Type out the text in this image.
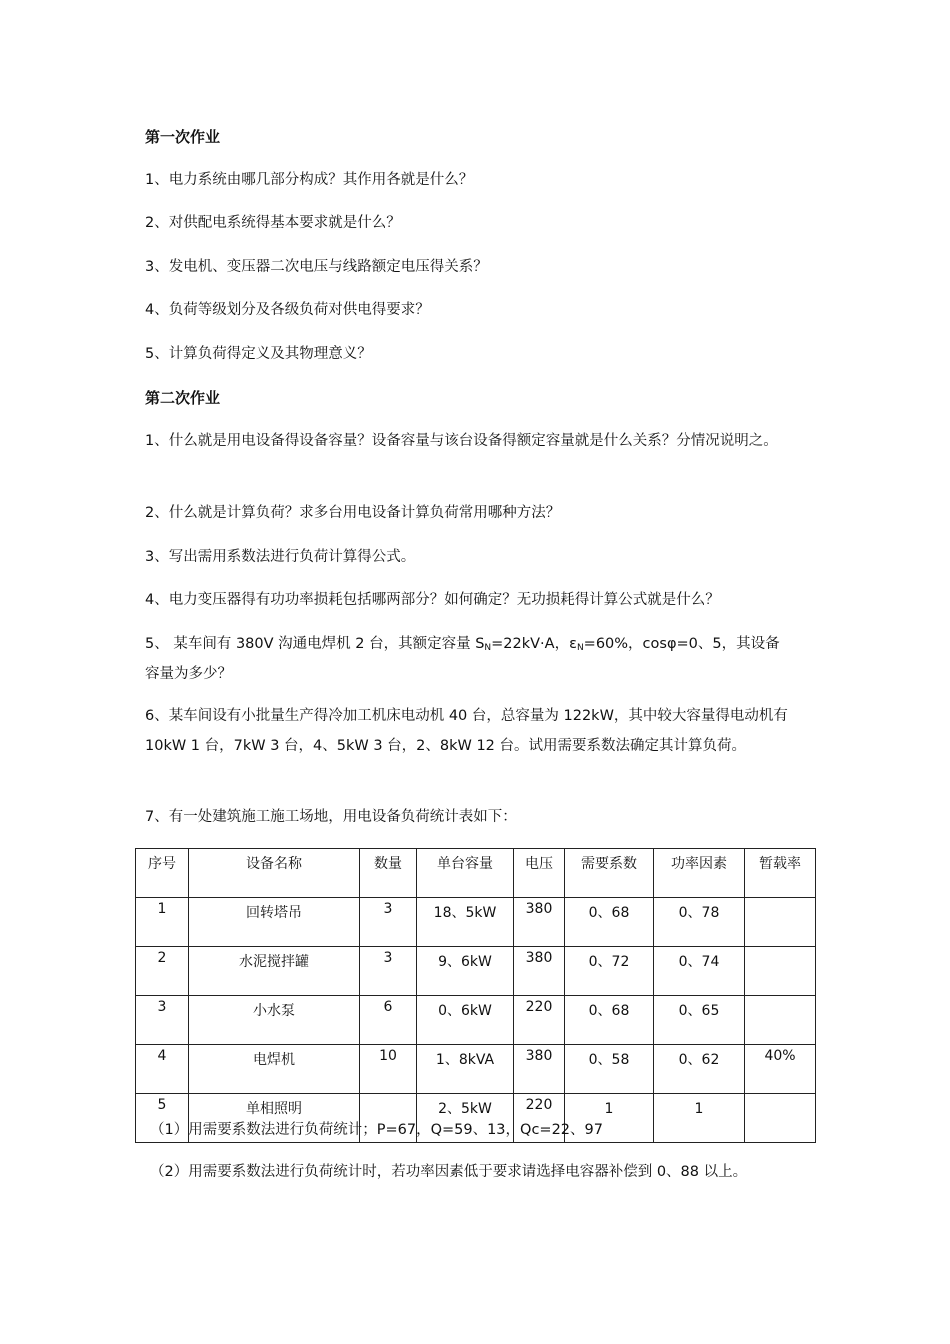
第一次作业
1、电力系统由哪几部分构成？其作用各就是什么？
2、对供配电系统得基本要求就是什么？
3、发电机、变压器二次电压与线路额定电压得关系？
4、负荷等级划分及各级负荷对供电得要求？
5、计算负荷得定义及其物理意义？
第二次作业
1、什么就是用电设备得设备容量？设备容量与该台设备得额定容量就是什么关系？分情况说明之。
2、什么就是计算负荷？求多台用电设备计算负荷常用哪种方法？
3、写出需用系数法进行负荷计算得公式。
4、电力变压器得有功功率损耗包括哪两部分？如何确定？无功损耗得计算公式就是什么？
5、 某车间有 380V 沟通电焊机 2 台，其额定容量 $S_N=22kV\cdot A$，$\varepsilon_N=60\%$，cosφ=0、5，其设备
容量为多少？
6、某车间设有小批量生产得冷加工机床电动机 40 台，总容量为 122kW，其中较大容量得电动机有 10kW 1 台，7kW 3 台，4、5kW 3 台，2、8kW 12 台。试用需要系数法确定其计算负荷。
7、有一处建筑施工施工场地，用电设备负荷统计表如下：
序号	设备名称	数量	单台容量	电压	需要系数	功率因素	暂载率
1	回转塔吊	3	18、5kW	380	0、68	0、78	
2	水泥搅拌罐	3	9、6kW	380	0、72	0、74	
3	小水泵	6	0、6kW	220	0、68	0、65	
4	电焊机	10	1、8kVA	380	0、58	0、62	40%
5	单相照明		2、5kW	220	1	1	
（1）用需要系数法进行负荷统计；P=67，Q=59、13，Qc=22、97
（2）用需要系数法进行负荷统计时，若功率因素低于要求请选择电容器补偿到 0、88 以上。
